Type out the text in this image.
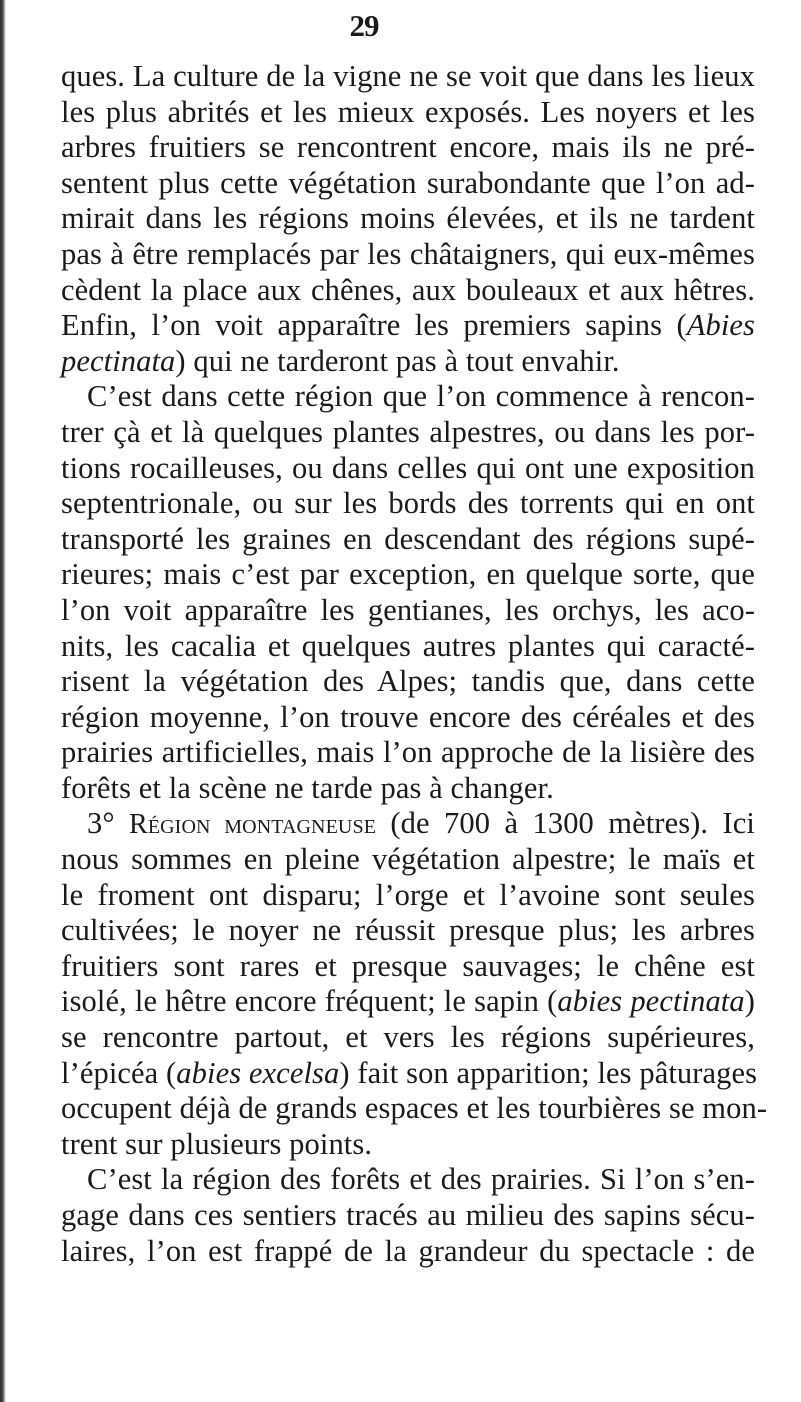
29
ques. La culture de la vigne ne se voit que dans les lieux
les plus abrités et les mieux exposés. Les noyers et les
arbres fruitiers se rencontrent encore, mais ils ne pré-
sentent plus cette végétation surabondante que l’on ad-
mirait dans les régions moins élevées, et ils ne tardent
pas à être remplacés par les châtaigners, qui eux-mêmes
cèdent la place aux chênes, aux bouleaux et aux hêtres.
Enfin, l’on voit apparaître les premiers sapins (Abies
pectinata) qui ne tarderont pas à tout envahir.
C’est dans cette région que l’on commence à rencon-
trer çà et là quelques plantes alpestres, ou dans les por-
tions rocailleuses, ou dans celles qui ont une exposition
septentrionale, ou sur les bords des torrents qui en ont
transporté les graines en descendant des régions supé-
rieures; mais c’est par exception, en quelque sorte, que
l’on voit apparaître les gentianes, les orchys, les aco-
nits, les cacalia et quelques autres plantes qui caracté-
risent la végétation des Alpes; tandis que, dans cette
région moyenne, l’on trouve encore des céréales et des
prairies artificielles, mais l’on approche de la lisière des
forêts et la scène ne tarde pas à changer.
3° Région montagneuse (de 700 à 1300 mètres). Ici
nous sommes en pleine végétation alpestre; le maïs et
le froment ont disparu; l’orge et l’avoine sont seules
cultivées; le noyer ne réussit presque plus; les arbres
fruitiers sont rares et presque sauvages; le chêne est
isolé, le hêtre encore fréquent; le sapin (abies pectinata)
se rencontre partout, et vers les régions supérieures,
l’épicéa (abies excelsa) fait son apparition; les pâturages
occupent déjà de grands espaces et les tourbières se mon-
trent sur plusieurs points.
C’est la région des forêts et des prairies. Si l’on s’en-
gage dans ces sentiers tracés au milieu des sapins sécu-
laires, l’on est frappé de la grandeur du spectacle : de
